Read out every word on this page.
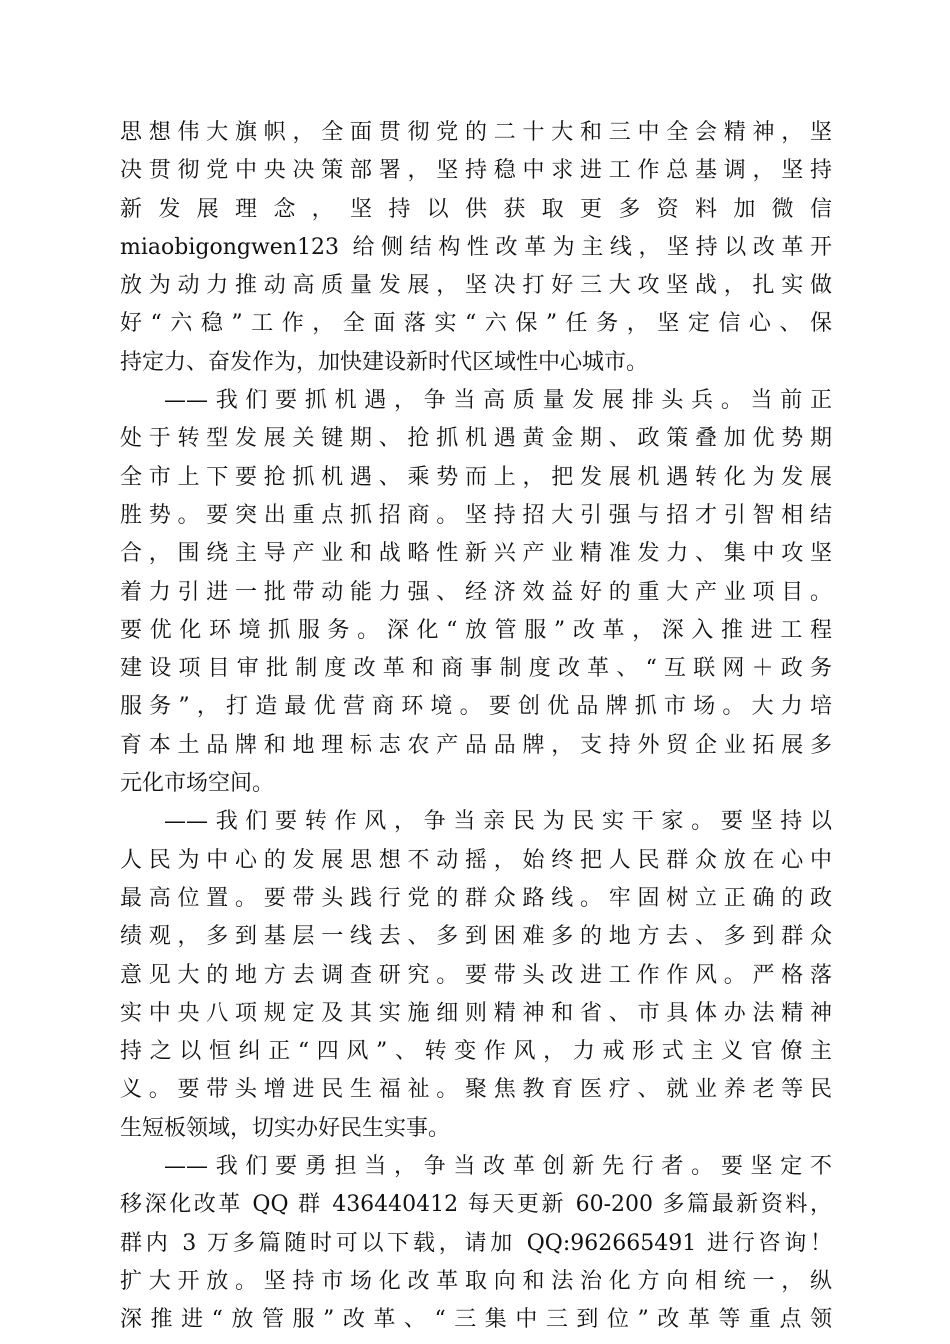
思想伟大旗帜，全面贯彻党的二十大和三中全会精神，坚
决贯彻党中央决策部署，坚持稳中求进工作总基调，坚持
新 发 展 理 念 ， 坚 持 以 供 获 取 更 多 资 料 加 微 信
miaobigongwen123 给侧结构性改革为主线，坚持以改革开
放为动力推动高质量发展，坚决打好三大攻坚战，扎实做
好“六稳”工作，全面落实“六保”任务，坚定信心、保
持定力、奋发作为，加快建设新时代区域性中心城市。
——我们要抓机遇，争当高质量发展排头兵。当前正
处于转型发展关键期、抢抓机遇黄金期、政策叠加优势期
全市上下要抢抓机遇、乘势而上，把发展机遇转化为发展
胜势。要突出重点抓招商。坚持招大引强与招才引智相结
合，围绕主导产业和战略性新兴产业精准发力、集中攻坚
着力引进一批带动能力强、经济效益好的重大产业项目。
要优化环境抓服务。深化“放管服”改革，深入推进工程
建设项目审批制度改革和商事制度改革、“互联网＋政务
服务”，打造最优营商环境。要创优品牌抓市场。大力培
育本土品牌和地理标志农产品品牌，支持外贸企业拓展多
元化市场空间。
——我们要转作风，争当亲民为民实干家。要坚持以
人民为中心的发展思想不动摇，始终把人民群众放在心中
最高位置。要带头践行党的群众路线。牢固树立正确的政
绩观，多到基层一线去、多到困难多的地方去、多到群众
意见大的地方去调查研究。要带头改进工作作风。严格落
实中央八项规定及其实施细则精神和省、市具体办法精神
持之以恒纠正“四风”、转变作风，力戒形式主义官僚主
义。要带头增进民生福祉。聚焦教育医疗、就业养老等民
生短板领域，切实办好民生实事。
——我们要勇担当，争当改革创新先行者。要坚定不
移深化改革 QQ 群 436440412 每天更新 60-200 多篇最新资料，
群内 3 万多篇随时可以下载，请加 QQ:962665491 进行咨询！
扩大开放。坚持市场化改革取向和法治化方向相统一，纵
深推进“放管服”改革、“三集中三到位”改革等重点领
